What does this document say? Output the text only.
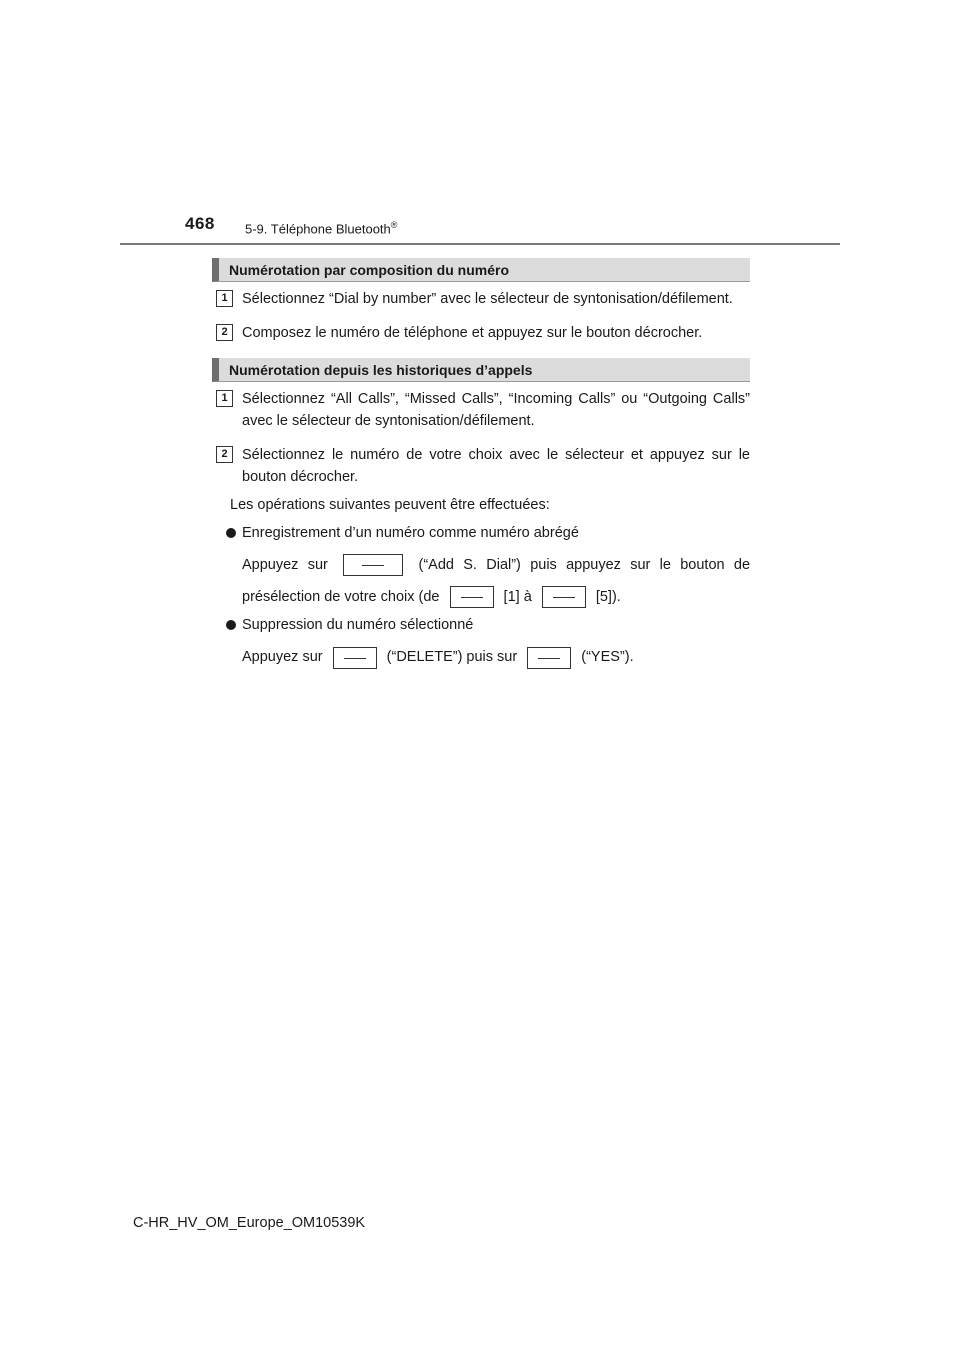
468 5-9. Téléphone Bluetooth®
Numérotation par composition du numéro
1 Sélectionnez “Dial by number” avec le sélecteur de syntonisation/défilement.
2 Composez le numéro de téléphone et appuyez sur le bouton décrocher.
Numérotation depuis les historiques d’appels
1 Sélectionnez “All Calls”, “Missed Calls”, “Incoming Calls” ou “Outgoing Calls” avec le sélecteur de syntonisation/défilement.
2 Sélectionnez le numéro de votre choix avec le sélecteur et appuyez sur le bouton décrocher.
Les opérations suivantes peuvent être effectuées:
Enregistrement d’un numéro comme numéro abrégé
Appuyez sur	(“Add S. Dial”) puis appuyez sur le bouton de
présélection de votre choix (de	[1] à	[5]).
Suppression du numéro sélectionné
Appuyez sur	(“DELETE”) puis sur	(“YES”).
C-HR_HV_OM_Europe_OM10539K
